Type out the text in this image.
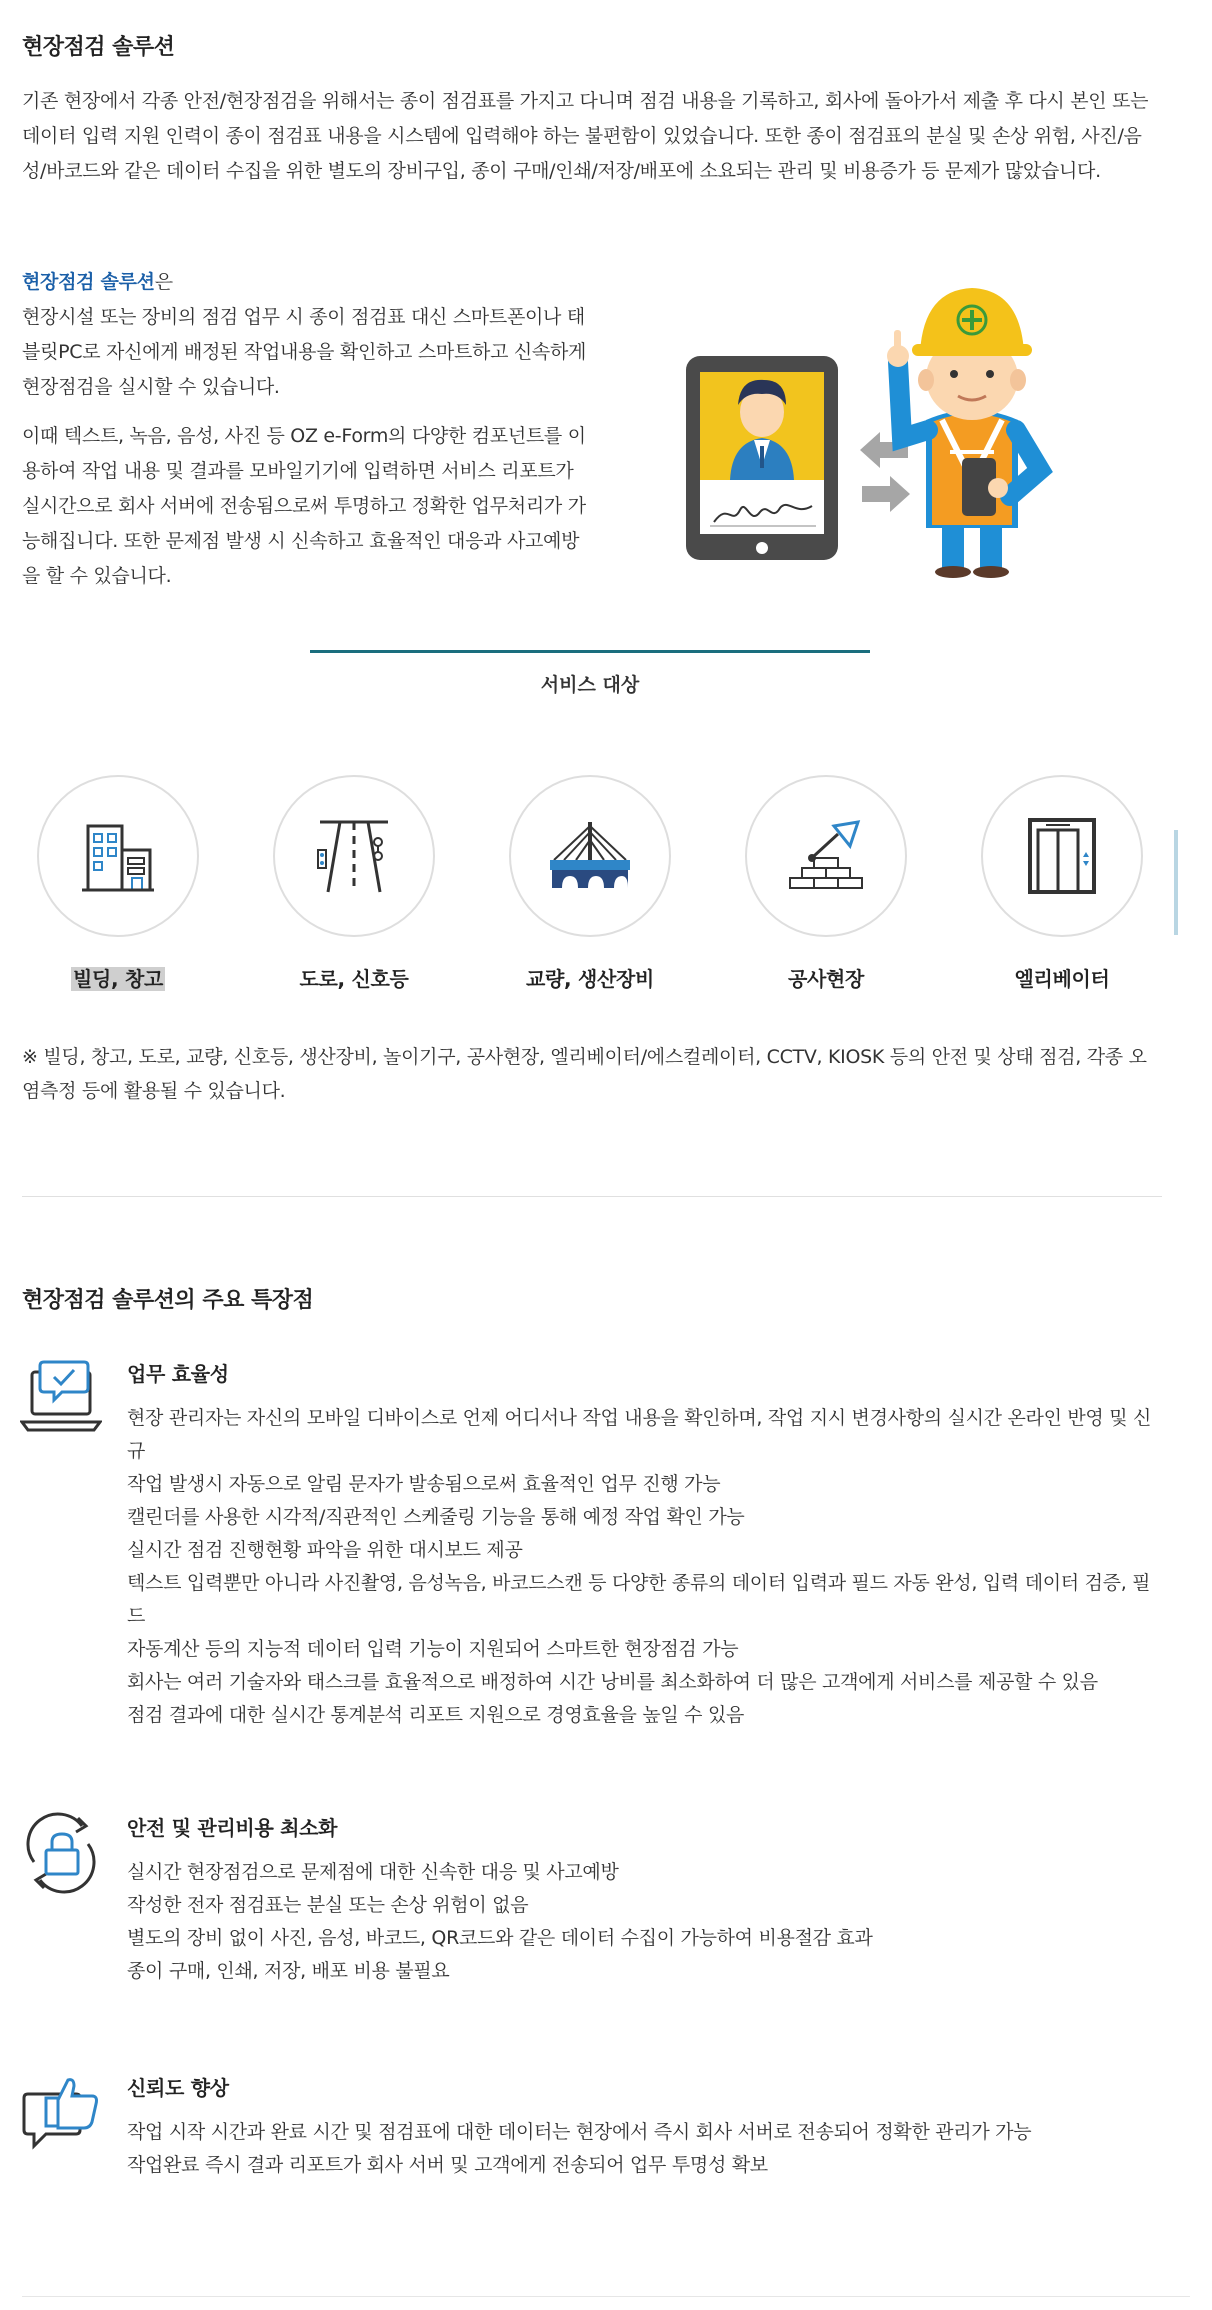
현장점검 솔루션

기존 현장에서 각종 안전/현장점검을 위해서는 종이 점검표를 가지고 다니며 점검 내용을 기록하고, 회사에 돌아가서 제출 후 다시 본인 또는 데이터 입력 지원 인력이 종이 점검표 내용을 시스템에 입력해야 하는 불편함이 있었습니다. 또한 종이 점검표의 분실 및 손상 위험, 사진/음성/바코드와 같은 데이터 수집을 위한 별도의 장비구입, 종이 구매/인쇄/저장/배포에 소요되는 관리 및 비용증가 등 문제가 많았습니다.

현장점검 솔루션은

현장시설 또는 장비의 점검 업무 시 종이 점검표 대신 스마트폰이나 태블릿PC로 자신에게 배정된 작업내용을 확인하고 스마트하고 신속하게 현장점검을 실시할 수 있습니다.

이때 텍스트, 녹음, 음성, 사진 등 OZ e-Form의 다양한 컴포넌트를 이용하여 작업 내용 및 결과를 모바일기기에 입력하면 서비스 리포트가 실시간으로 회사 서버에 전송됨으로써 투명하고 정확한 업무처리가 가능해집니다. 또한 문제점 발생 시 신속하고 효율적인 대응과 사고예방을 할 수 있습니다.

서비스 대상
빌딩, 창고	도로, 신호등	교량, 생산장비	공사현장	엘리베이터

※ 빌딩, 창고, 도로, 교량, 신호등, 생산장비, 놀이기구, 공사현장, 엘리베이터/에스컬레이터, CCTV, KIOSK 등의 안전 및 상태 점검, 각종 오염측정 등에 활용될 수 있습니다.

현장점검 솔루션의 주요 특장점
업무 효율성
현장 관리자는 자신의 모바일 디바이스로 언제 어디서나 작업 내용을 확인하며, 작업 지시 변경사항의 실시간 온라인 반영 및 신규
작업 발생시 자동으로 알림 문자가 발송됨으로써 효율적인 업무 진행 가능
캘린더를 사용한 시각적/직관적인 스케줄링 기능을 통해 예정 작업 확인 가능
실시간 점검 진행현황 파악을 위한 대시보드 제공
텍스트 입력뿐만 아니라 사진촬영, 음성녹음, 바코드스캔 등 다양한 종류의 데이터 입력과 필드 자동 완성, 입력 데이터 검증, 필드
자동계산 등의 지능적 데이터 입력 기능이 지원되어 스마트한 현장점검 가능
회사는 여러 기술자와 태스크를 효율적으로 배정하여 시간 낭비를 최소화하여 더 많은 고객에게 서비스를 제공할 수 있음
점검 결과에 대한 실시간 통계분석 리포트 지원으로 경영효율을 높일 수 있음
안전 및 관리비용 최소화
실시간 현장점검으로 문제점에 대한 신속한 대응 및 사고예방
작성한 전자 점검표는 분실 또는 손상 위험이 없음
별도의 장비 없이 사진, 음성, 바코드, QR코드와 같은 데이터 수집이 가능하여 비용절감 효과
종이 구매, 인쇄, 저장, 배포 비용 불필요
신뢰도 향상
작업 시작 시간과 완료 시간 및 점검표에 대한 데이터는 현장에서 즉시 회사 서버로 전송되어 정확한 관리가 가능
작업완료 즉시 결과 리포트가 회사 서버 및 고객에게 전송되어 업무 투명성 확보
